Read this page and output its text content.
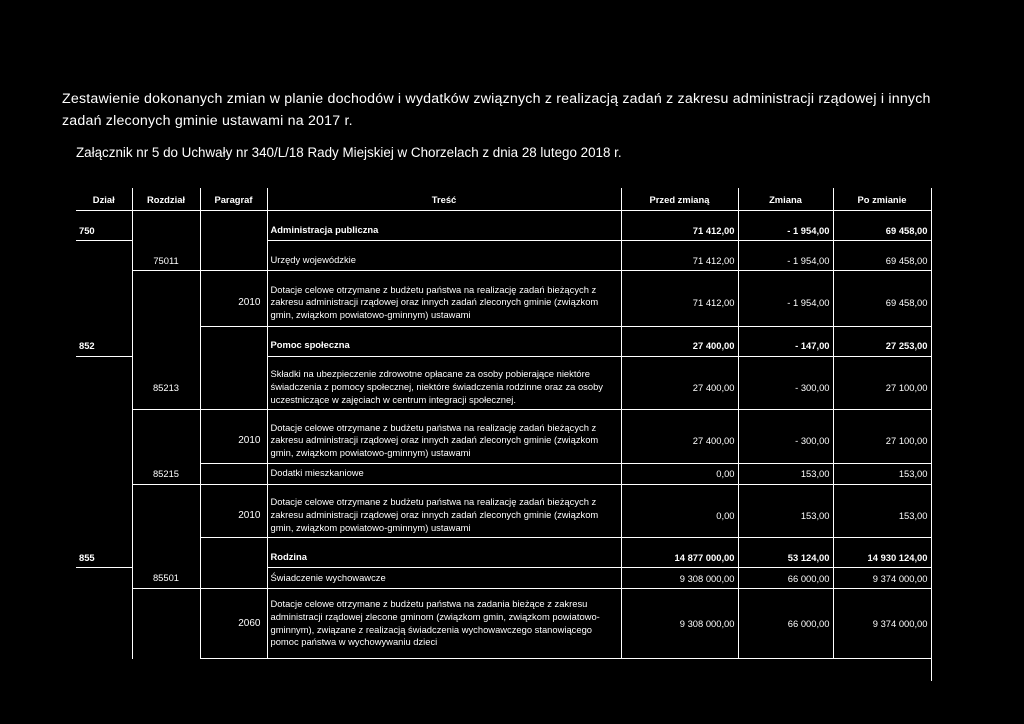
Zestawienie dokonanych zmian w planie dochodów i wydatków związnych z realizacją zadań z zakresu administracji rządowej i innych zadań zleconych gminie ustawami na 2017 r.

Załącznik nr 5 do Uchwały nr 340/L/18 Rady Miejskiej w Chorzelach z dnia 28 lutego 2018 r.

Dział	Rozdział	Paragraf	Treść	Przed zmianą	Zmiana	Po zmianie

750			Administracja publiczna	71 412,00	- 1 954,00	69 458,00

	75011		Urzędy wojewódzkie	71 412,00	- 1 954,00	69 458,00

		2010	Dotacje celowe otrzymane z budżetu państwa na realizację zadań bieżących z zakresu administracji rządowej oraz innych zadań zleconych gminie (związkom gmin, związkom powiatowo-gminnym) ustawami	71 412,00	- 1 954,00	69 458,00

852			Pomoc społeczna	27 400,00	- 147,00	27 253,00

	85213		Składki na ubezpieczenie zdrowotne opłacane za osoby pobierające niektóre świadczenia z pomocy społecznej, niektóre świadczenia rodzinne oraz za osoby uczestniczące w zajęciach w centrum integracji społecznej.	27 400,00	- 300,00	27 100,00

		2010	Dotacje celowe otrzymane z budżetu państwa na realizację zadań bieżących z zakresu administracji rządowej oraz innych zadań zleconych gminie (związkom gmin, związkom powiatowo-gminnym) ustawami	27 400,00	- 300,00	27 100,00
	85215		Dodatki mieszkaniowe	0,00	153,00	153,00

		2010	Dotacje celowe otrzymane z budżetu państwa na realizację zadań bieżących z zakresu administracji rządowej oraz innych zadań zleconych gminie (związkom gmin, związkom powiatowo-gminnym) ustawami	0,00	153,00	153,00

855			Rodzina	14 877 000,00	53 124,00	14 930 124,00
	85501		Świadczenie wychowawcze	9 308 000,00	66 000,00	9 374 000,00
		2060	Dotacje celowe otrzymane z budżetu państwa na zadania bieżące z zakresu administracji rządowej zlecone gminom (związkom gmin, związkom powiatowo-gminnym), związane z realizacją świadczenia wychowawczego stanowiącego pomoc państwa w wychowywaniu dzieci	9 308 000,00	66 000,00	9 374 000,00
